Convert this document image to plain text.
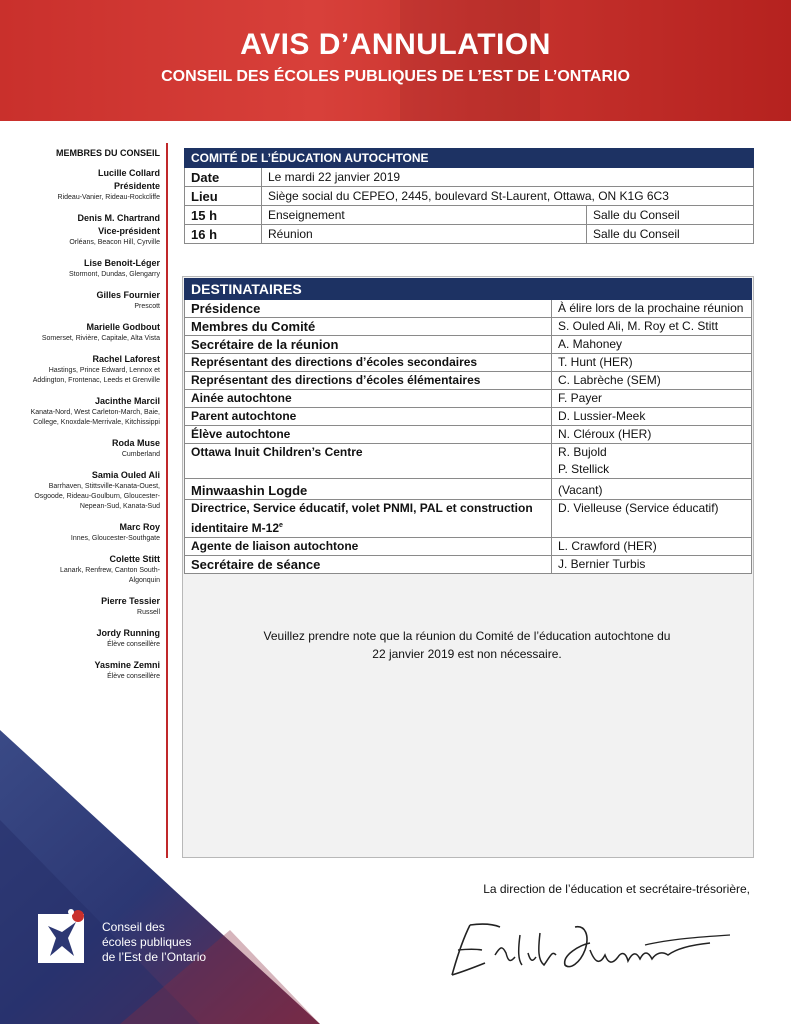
AVIS D’ANNULATION
CONSEIL DES ÉCOLES PUBLIQUES DE L’EST DE L’ONTARIO
MEMBRES DU CONSEIL
Lucille Collard
Présidente
Rideau-Vanier, Rideau-Rockcliffe
Denis M. Chartrand
Vice-président
Orléans, Beacon Hill, Cyrville
Lise Benoit-Léger
Stormont, Dundas, Glengarry
Gilles Fournier
Prescott
Marielle Godbout
Somerset, Rivière, Capitale, Alta Vista
Rachel Laforest
Hastings, Prince Edward, Lennox et Addington, Frontenac, Leeds et Grenville
Jacinthe Marcil
Kanata-Nord, West Carleton-March, Baie, College, Knoxdale-Merrivale, Kitchissippi
Roda Muse
Cumberland
Samia Ouled Ali
Barrhaven, Stittsville-Kanata-Ouest, Osgoode, Rideau-Goulburn, Gloucester-Nepean-Sud, Kanata-Sud
Marc Roy
Innes, Gloucester-Southgate
Colette Stitt
Lanark, Renfrew, Canton South-Algonquin
Pierre Tessier
Russell
Jordy Running
Élève conseillère
Yasmine Zemni
Élève conseillère
COMITÉ DE L’ÉDUCATION AUTOCHTONE		
Date	Le mardi 22 janvier 2019	
Lieu	Siège social du CEPEO, 2445, boulevard St-Laurent, Ottawa, ON K1G 6C3	
15 h	Enseignement	Salle du Conseil
16 h	Réunion	Salle du Conseil
DESTINATAIRES	
Présidence	À élire lors de la prochaine réunion

Membres du Comité	S. Ouled Ali, M. Roy et C. Stitt

Secrétaire de la réunion	A. Mahoney

Représentant des directions d’écoles secondaires	T. Hunt (HER)

Représentant des directions d’écoles élémentaires	C. Labrèche (SEM)

Ainée autochtone	F. Payer

Parent autochtone	D. Lussier-Meek

Élève autochtone	N. Cléroux (HER)

Ottawa Inuit Children’s Centre	R. Bujold
P. Stellick

Minwaashin Logde	(Vacant)

Directrice, Service éducatif, volet PNMI, PAL et construction identitaire M-12e	D. Vielleuse (Service éducatif)

Agente de liaison autochtone	L. Crawford (HER)

Secrétaire de séance	J. Bernier Turbis
Veuillez prendre note que la réunion du Comité de l’éducation autochtone du
22 janvier 2019 est non nécessaire.
La direction de l’éducation et secrétaire-trésorière,
Conseil des
écoles publiques
de l’Est de l’Ontario
